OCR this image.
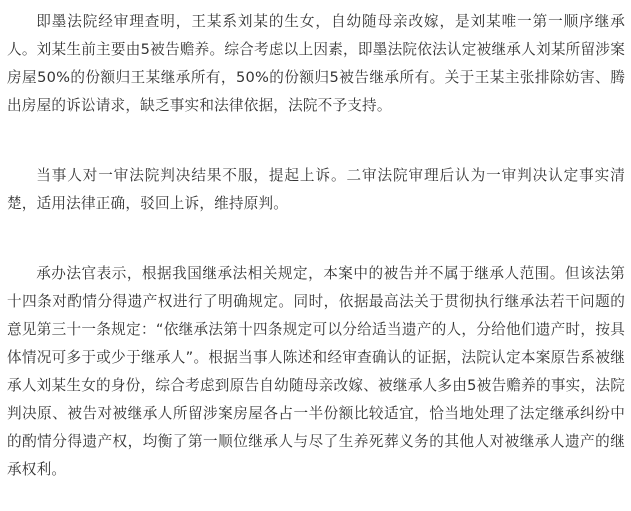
即墨法院经审理查明，王某系刘某的生女，自幼随母亲改嫁，是刘某唯一第一顺序继承人。刘某生前主要由5被告赡养。综合考虑以上因素，即墨法院依法认定被继承人刘某所留涉案房屋50%的份额归王某继承所有，50%的份额归5被告继承所有。关于王某主张排除妨害、腾出房屋的诉讼请求，缺乏事实和法律依据，法院不予支持。

当事人对一审法院判决结果不服，提起上诉。二审法院审理后认为一审判决认定事实清楚，适用法律正确，驳回上诉，维持原判。

承办法官表示，根据我国继承法相关规定，本案中的被告并不属于继承人范围。但该法第十四条对酌情分得遗产权进行了明确规定。同时，依据最高法关于贯彻执行继承法若干问题的意见第三十一条规定：“依继承法第十四条规定可以分给适当遗产的人，分给他们遗产时，按具体情况可多于或少于继承人”。根据当事人陈述和经审查确认的证据，法院认定本案原告系被继承人刘某生女的身份，综合考虑到原告自幼随母亲改嫁、被继承人多由5被告赡养的事实，法院判决原、被告对被继承人所留涉案房屋各占一半份额比较适宜，恰当地处理了法定继承纠纷中的酌情分得遗产权，均衡了第一顺位继承人与尽了生养死葬义务的其他人对被继承人遗产的继承权利。
